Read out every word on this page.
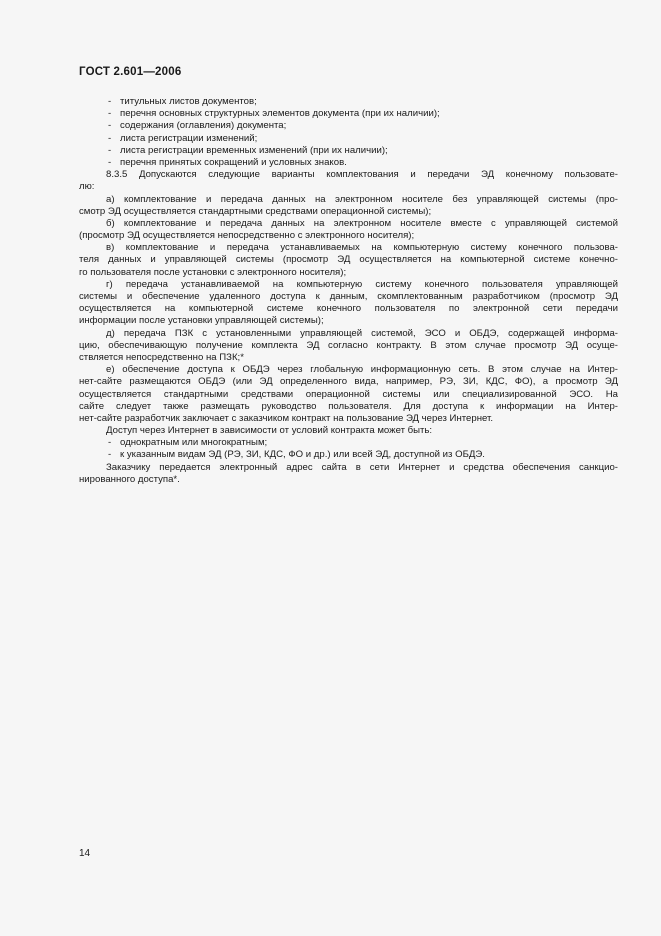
ГОСТ 2.601—2006
- титульных листов документов;
- перечня основных структурных элементов документа (при их наличии);
- содержания (оглавления) документа;
- листа регистрации изменений;
- листа регистрации временных изменений (при их наличии);
- перечня принятых сокращений и условных знаков.
8.3.5 Допускаются следующие варианты комплектования и передачи ЭД конечному пользовате-
лю:
а) комплектование и передача данных на электронном носителе без управляющей системы (про-
смотр ЭД осуществляется стандартными средствами операционной системы);
б) комплектование и передача данных на электронном носителе вместе с управляющей системой
(просмотр ЭД осуществляется непосредственно с электронного носителя);
в) комплектование и передача устанавливаемых на компьютерную систему конечного пользова-
теля данных и управляющей системы (просмотр ЭД осуществляется на компьютерной системе конечно-
го пользователя после установки с электронного носителя);
г) передача устанавливаемой на компьютерную систему конечного пользователя управляющей
системы и обеспечение удаленного доступа к данным, скомплектованным разработчиком (просмотр ЭД
осуществляется на компьютерной системе конечного пользователя по электронной сети передачи
информации после установки управляющей системы);
д) передача ПЗК с установленными управляющей системой, ЭСО и ОБДЭ, содержащей информа-
цию, обеспечивающую получение комплекта ЭД согласно контракту. В этом случае просмотр ЭД осуще-
ствляется непосредственно на ПЗК;*
е) обеспечение доступа к ОБДЭ через глобальную информационную сеть. В этом случае на Интер-
нет-сайте размещаются ОБДЭ (или ЭД определенного вида, например, РЭ, ЗИ, КДС, ФО), а просмотр ЭД
осуществляется стандартными средствами операционной системы или специализированной ЭСО. На
сайте следует также размещать руководство пользователя. Для доступа к информации на Интер-
нет-сайте разработчик заключает с заказчиком контракт на пользование ЭД через Интернет.
Доступ через Интернет в зависимости от условий контракта может быть:
- однократным или многократным;
- к указанным видам ЭД (РЭ, ЗИ, КДС, ФО и др.) или всей ЭД, доступной из ОБДЭ.
Заказчику передается электронный адрес сайта в сети Интернет и средства обеспечения санкцио-
нированного доступа*.
14
